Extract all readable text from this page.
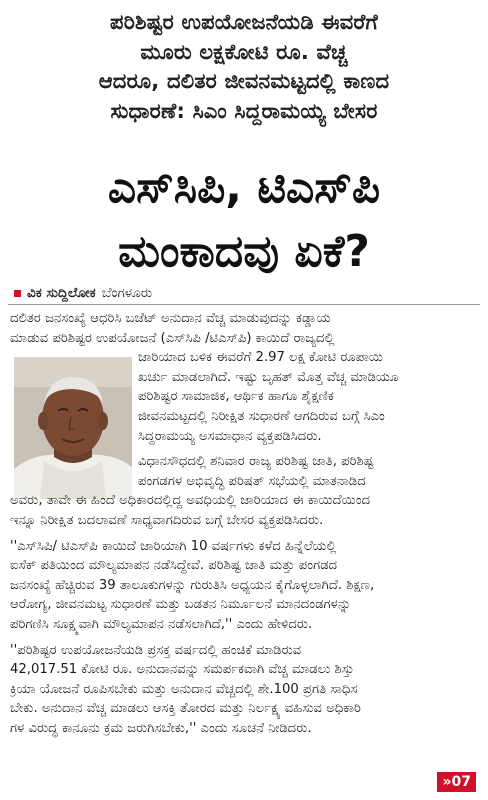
ಪರಿಶಿಷ್ಟರ ಉಪಯೋಜನೆಯಡಿ ಈವರೆಗೆ
ಮೂರು ಲಕ್ಷಕೋಟಿ ರೂ. ವೆಚ್ಚ
ಆದರೂ, ದಲಿತರ ಜೀವನಮಟ್ಟದಲ್ಲಿ ಕಾಣದ
ಸುಧಾರಣೆ: ಸಿಎಂ ಸಿದ್ದರಾಮಯ್ಯ ಬೇಸರ
ಎಸ್‌ಸಿಪಿ, ಟಿಎಸ್‌ಪಿ
ಮಂಕಾದವು ಏಕೆ?
ವಿಕ ಸುದ್ದಿಲೋಕ ಬೆಂಗಳೂರು
ದಲಿತರ ಜನಸಂಖ್ಯೆ ಆಧರಿಸಿ ಬಜೆಟ್ ಅನುದಾನ ವೆಚ್ಚ ಮಾಡುವುದನ್ನು ಕಡ್ಡಾಯ
ಮಾಡುವ ಪರಿಶಿಷ್ಟರ ಉಪಯೋಜನೆ (ಎಸ್‌ಸಿಪಿ /ಟಿಎಸ್‌ಪಿ) ಕಾಯಿದೆ ರಾಜ್ಯದಲ್ಲಿ
ಜಾರಿಯಾದ ಬಳಿಕ ಈವರೆಗೆ 2.97 ಲಕ್ಷ ಕೋಟಿ ರೂಪಾಯಿ
ಖರ್ಚು ಮಾಡಲಾಗಿದೆ. ಇಷ್ಟು ಬೃಹತ್ ಮೊತ್ತ ವೆಚ್ಚ ಮಾಡಿಯೂ
ಪರಿಶಿಷ್ಟರ ಸಾಮಾಜಿಕ, ಆರ್ಥಿಕ ಹಾಗೂ ಶೈಕ್ಷಣಿಕ
ಜೀವನಮಟ್ಟದಲ್ಲಿ ನಿರೀಕ್ಷಿತ ಸುಧಾರಣೆ ಆಗದಿರುವ ಬಗ್ಗೆ ಸಿಎಂ
ಸಿದ್ದರಾಮಯ್ಯ ಅಸಮಾಧಾನ ವ್ಯಕ್ತಪಡಿಸಿದರು.
ವಿಧಾನಸೌಧದಲ್ಲಿ ಶನಿವಾರ ರಾಜ್ಯ ಪರಿಶಿಷ್ಟ ಜಾತಿ, ಪರಿಶಿಷ್ಟ
ಪಂಗಡಗಳ ಅಭಿವೃದ್ಧಿ ಪರಿಷತ್ ಸಭೆಯಲ್ಲಿ ಮಾತನಾಡಿದ
ಅವರು, ತಾವೇ ಈ ಹಿಂದೆ ಅಧಿಕಾರದಲ್ಲಿದ್ದ ಅವಧಿಯಲ್ಲಿ ಜಾರಿಯಾದ ಈ ಕಾಯಿದೆಯಿಂದ
ಇನ್ನೂ ನಿರೀಕ್ಷಿತ ಬದಲಾವಣೆ ಸಾಧ್ಯವಾಗದಿರುವ ಬಗ್ಗೆ ಬೇಸರ ವ್ಯಕ್ತಪಡಿಸಿದರು.
''ಎಸ್‌ಸಿಪಿ/ ಟಿಎಸ್‌ಪಿ ಕಾಯಿದೆ ಜಾರಿಯಾಗಿ 10 ವರ್ಷಗಳು ಕಳೆದ ಹಿನ್ನೆಲೆಯಲ್ಲಿ
ಐಸೆಕ್ ಪತಿಯಿಂದ ಮೌಲ್ಯಮಾಪನ ನಡೆಸಿದ್ದೇವೆ. ಪರಿಶಿಷ್ಟ ಜಾತಿ ಮತ್ತು ಪಂಗಡದ
ಜನಸಂಖ್ಯೆ ಹೆಚ್ಚಿರುವ 39 ತಾಲೂಕುಗಳನ್ನು ಗುರುತಿಸಿ ಅಧ್ಯಯನ ಕೈಗೊಳ್ಳಲಾಗಿದೆ. ಶಿಕ್ಷಣ,
ಆರೋಗ್ಯ, ಜೀವನಮಟ್ಟ ಸುಧಾರಣೆ ಮತ್ತು ಬಡತನ ನಿರ್ಮೂಲನೆ ಮಾನದಂಡಗಳನ್ನು
ಪರಿಗಣಿಸಿ ಸೂಕ್ಷ್ಮವಾಗಿ ಮೌಲ್ಯಮಾಪನ ನಡೆಸಲಾಗಿದೆ,'' ಎಂದು ಹೇಳಿದರು.
''ಪರಿಶಿಷ್ಟರ ಉಪಯೋಜನೆಯಡಿ ಪ್ರಸಕ್ತ ವರ್ಷದಲ್ಲಿ ಹಂಚಿಕೆ ಮಾಡಿರುವ
42,017.51 ಕೋಟಿ ರೂ. ಅನುದಾನವನ್ನು ಸಮರ್ಪಕವಾಗಿ ವೆಚ್ಚ ಮಾಡಲು ಶಿಸ್ತು
ಕ್ರಿಯಾ ಯೋಜನೆ ರೂಪಿಸಬೇಕು ಮತ್ತು ಅನುದಾನ ವೆಚ್ಚದಲ್ಲಿ ಶೇ.100 ಪ್ರಗತಿ ಸಾಧಿಸ
ಬೇಕು. ಅನುದಾನ ವೆಚ್ಚ ಮಾಡಲು ಆಸಕ್ತಿ ತೋರದ ಮತ್ತು ನಿರ್ಲಕ್ಷ್ಯ ವಹಿಸುವ ಅಧಿಕಾರಿ
ಗಳ ವಿರುದ್ಧ ಕಾನೂನು ಕ್ರಮ ಜರುಗಿಸಬೇಕು,'' ಎಂದು ಸೂಚನೆ ನೀಡಿದರು.
»07
